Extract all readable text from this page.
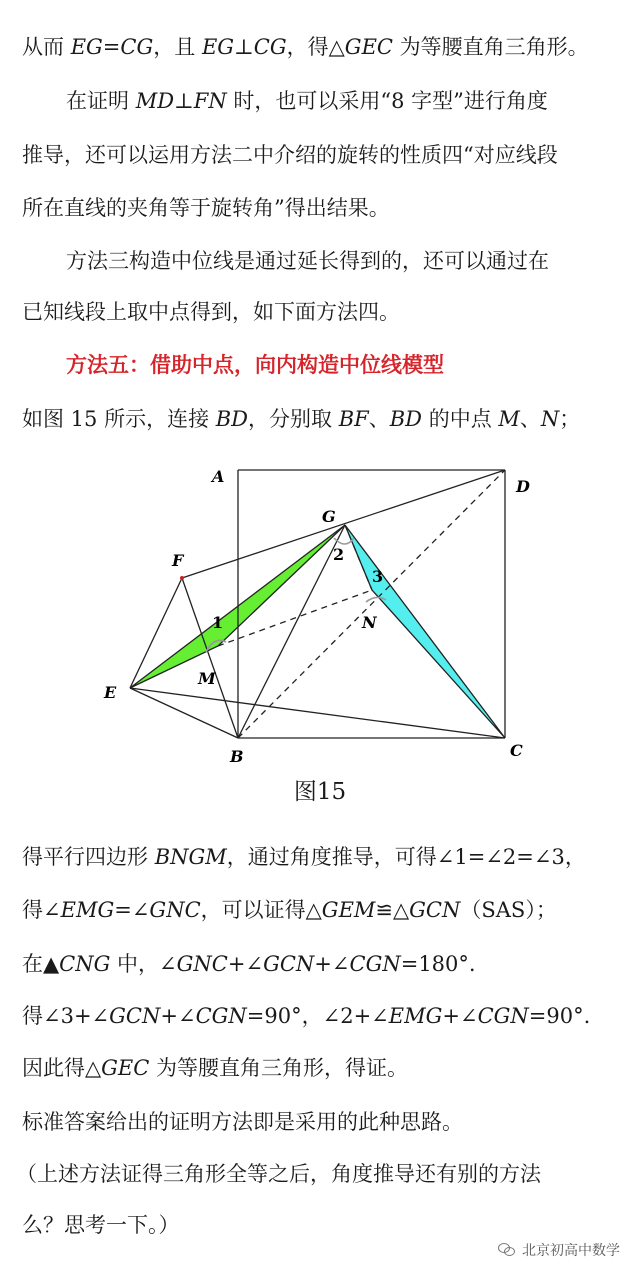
从而 EG=CG，且 EG⊥CG，得△GEC 为等腰直角三角形。
在证明 MD⊥FN 时，也可以采用“8 字型”进行角度
推导，还可以运用方法二中介绍的旋转的性质四“对应线段
所在直线的夹角等于旋转角”得出结果。
方法三构造中位线是通过延长得到的，还可以通过在
已知线段上取中点得到，如下面方法四。
方法五：借助中点，向内构造中位线模型
如图 15 所示，连接 BD，分别取 BF、BD 的中点 M、N；
A
D
G
F
E
M
N
B	C
1
2
3
图15
得平行四边形 BNGM，通过角度推导，可得∠1=∠2=∠3，
得∠EMG=∠GNC，可以证得△GEM≌△GCN（SAS）；
在▲CNG 中，∠GNC+∠GCN+∠CGN=180°.
得∠3+∠GCN+∠CGN=90°，∠2+∠EMG+∠CGN=90°.
因此得△GEC 为等腰直角三角形，得证。
标准答案给出的证明方法即是采用的此种思路。
（上述方法证得三角形全等之后，角度推导还有别的方法
么？思考一下。）
北京初高中数学
